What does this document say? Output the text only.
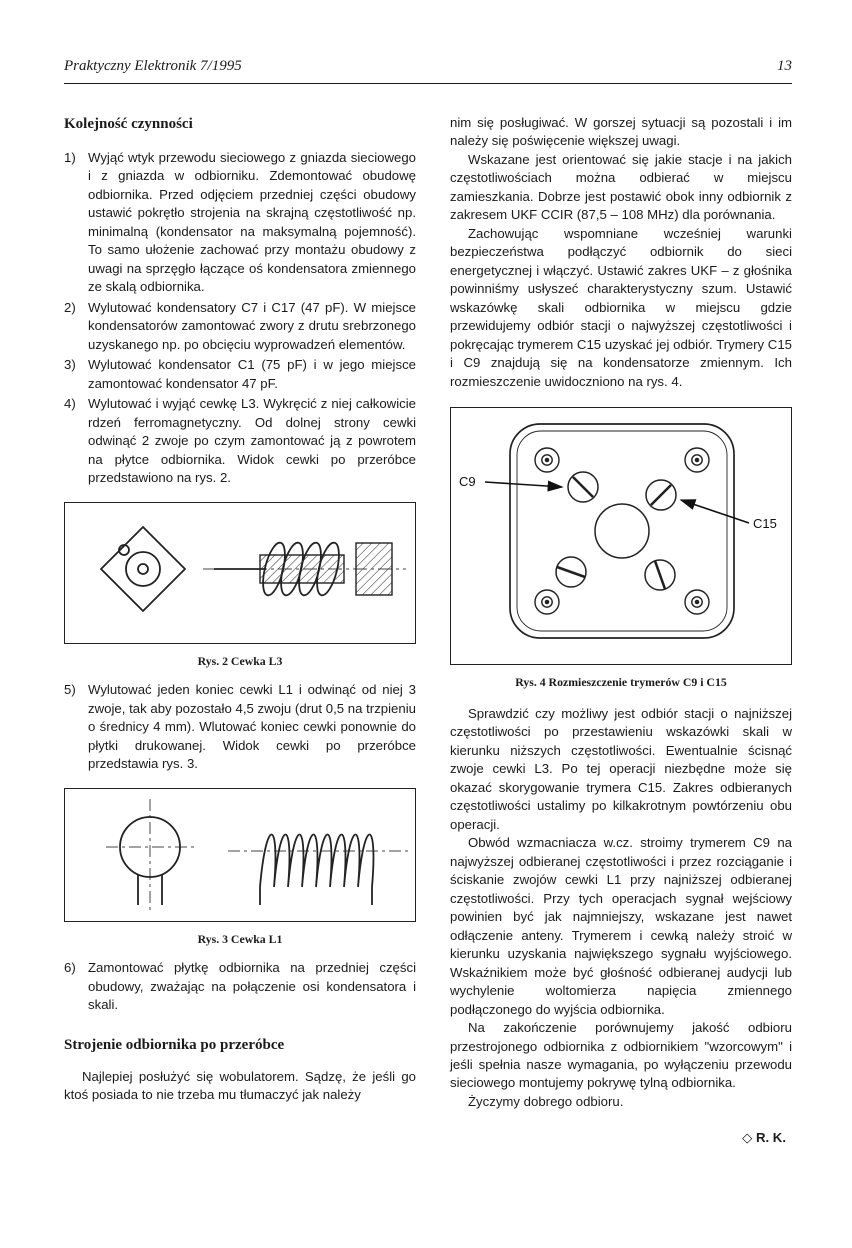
Praktyczny Elektronik 7/1995	13
Kolejność czynności
1) Wyjąć wtyk przewodu sieciowego z gniazda sieciowego i z gniazda w odbiorniku. Zdemontować obudowę odbiornika. Przed odjęciem przedniej części obudowy ustawić pokrętło strojenia na skrajną częstotliwość np. minimalną (kondensator na maksymalną pojemność). To samo ułożenie zachować przy montażu obudowy z uwagi na sprzęgło łączące oś kondensatora zmiennego ze skalą odbiornika.
2) Wylutować kondensatory C7 i C17 (47 pF). W miejsce kondensatorów zamontować zwory z drutu srebrzonego uzyskanego np. po obcięciu wyprowadzeń elementów.
3) Wylutować kondensator C1 (75 pF) i w jego miejsce zamontować kondensator 47 pF.
4) Wylutować i wyjąć cewkę L3. Wykręcić z niej całkowicie rdzeń ferromagnetyczny. Od dolnej strony cewki odwinąć 2 zwoje po czym zamontować ją z powrotem na płytce odbiornika. Widok cewki po przeróbce przedstawiono na rys. 2.
Rys. 2 Cewka L3
5) Wylutować jeden koniec cewki L1 i odwinąć od niej 3 zwoje, tak aby pozostało 4,5 zwoju (drut 0,5 na trzpieniu o średnicy 4 mm). Wlutować koniec cewki ponownie do płytki drukowanej. Widok cewki po przeróbce przedstawia rys. 3.
Rys. 3 Cewka L1
6) Zamontować płytkę odbiornika na przedniej części obudowy, zważając na połączenie osi kondensatora i skali.
Strojenie odbiornika po przeróbce

Najlepiej posłużyć się wobulatorem. Sądzę, że jeśli go ktoś posiada to nie trzeba mu tłumaczyć jak należy

nim się posługiwać. W gorszej sytuacji są pozostali i im należy się poświęcenie większej uwagi.

Wskazane jest orientować się jakie stacje i na jakich częstotliwościach można odbierać w miejscu zamieszkania. Dobrze jest postawić obok inny odbiornik z zakresem UKF CCIR (87,5 – 108 MHz) dla porównania.

Zachowując wspomniane wcześniej warunki bezpieczeństwa podłączyć odbiornik do sieci energetycznej i włączyć. Ustawić zakres UKF – z głośnika powinniśmy usłyszeć charakterystyczny szum. Ustawić wskazówkę skali odbiornika w miejscu gdzie przewidujemy odbiór stacji o najwyższej częstotliwości i pokręcając trymerem C15 uzyskać jej odbiór. Trymery C15 i C9 znajdują się na kondensatorze zmiennym. Ich rozmieszczenie uwidoczniono na rys. 4.

C9
C15
Rys. 4 Rozmieszczenie trymerów C9 i C15

Sprawdzić czy możliwy jest odbiór stacji o najniższej częstotliwości po przestawieniu wskazówki skali w kierunku niższych częstotliwości. Ewentualnie ścisnąć zwoje cewki L3. Po tej operacji niezbędne może się okazać skorygowanie trymera C15. Zakres odbieranych częstotliwości ustalimy po kilkakrotnym powtórzeniu obu operacji.

Obwód wzmacniacza w.cz. stroimy trymerem C9 na najwyższej odbieranej częstotliwości i przez rozciąganie i ściskanie zwojów cewki L1 przy najniższej odbieranej częstotliwości. Przy tych operacjach sygnał wejściowy powinien być jak najmniejszy, wskazane jest nawet odłączenie anteny. Trymerem i cewką należy stroić w kierunku uzyskania największego sygnału wyjściowego. Wskaźnikiem może być głośność odbieranej audycji lub wychylenie woltomierza napięcia zmiennego podłączonego do wyjścia odbiornika.

Na zakończenie porównujemy jakość odbioru przestrojonego odbiornika z odbiornikiem "wzorcowym" i jeśli spełnia nasze wymagania, po wyłączeniu przewodu sieciowego montujemy pokrywę tylną odbiornika.

Życzymy dobrego odbioru.

◇ R. K.
